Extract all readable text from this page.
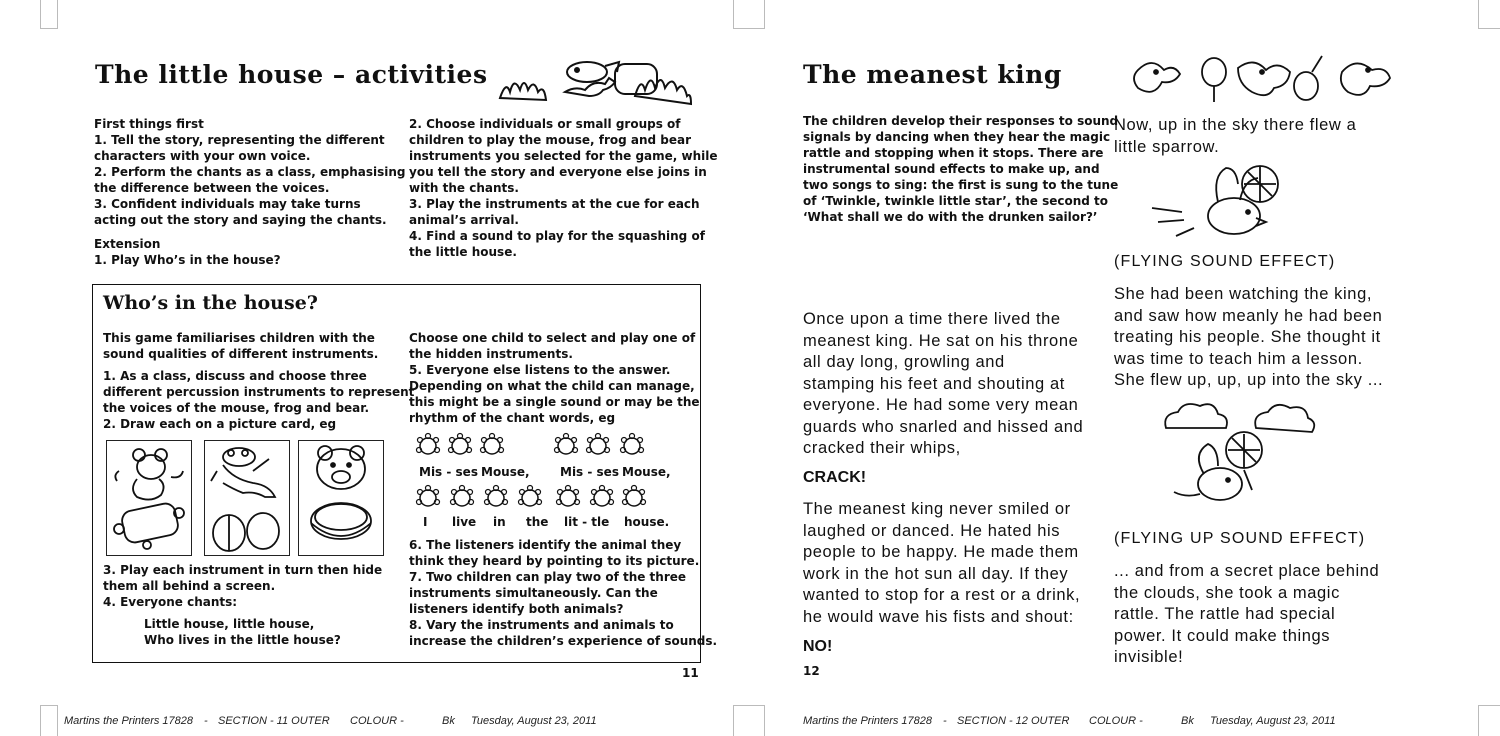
The little house – activities
First things first
1. Tell the story, representing the different
characters with your own voice.
2. Perform the chants as a class, emphasising
the difference between the voices.
3. Confident individuals may take turns
acting out the story and saying the chants.
Extension
1. Play Who’s in the house?
2. Choose individuals or small groups of
children to play the mouse, frog and bear
instruments you selected for the game, while
you tell the story and everyone else joins in
with the chants.
3. Play the instruments at the cue for each
animal’s arrival.
4. Find a sound to play for the squashing of
the little house.
Who’s in the house?
This game familiarises children with the
sound qualities of different instruments.
1. As a class, discuss and choose three
different percussion instruments to represent
the voices of the mouse, frog and bear.
2. Draw each on a picture card, eg
3. Play each instrument in turn then hide
them all behind a screen.
4. Everyone chants:
Little house, little house,
Who lives in the little house?
Choose one child to select and play one of
the hidden instruments.
5. Everyone else listens to the answer.
Depending on what the child can manage,
this might be a single sound or may be the
rhythm of the chant words, eg
Mis - ses Mouse,	Mis - ses Mouse,
I live in the lit - tle house.
6. The listeners identify the animal they
think they heard by pointing to its picture.
7. Two children can play two of the three
instruments simultaneously. Can the
listeners identify both animals?
8. Vary the instruments and animals to
increase the children’s experience of sounds.
11
Martins the Printers 17828 - SECTION - 11 OUTER COLOUR -	Bk Tuesday, August 23, 2011
The meanest king
The children develop their responses to sound
signals by dancing when they hear the magic
rattle and stopping when it stops. There are
instrumental sound effects to make up, and
two songs to sing: the first is sung to the tune
of ‘Twinkle, twinkle little star’, the second to
‘What shall we do with the drunken sailor?’
Once upon a time there lived the
meanest king. He sat on his throne
all day long, growling and
stamping his feet and shouting at
everyone. He had some very mean
guards who snarled and hissed and
cracked their whips,
CRACK!
The meanest king never smiled or
laughed or danced. He hated his
people to be happy. He made them
work in the hot sun all day. If they
wanted to stop for a rest or a drink,
he would wave his fists and shout:
NO!
12
Now, up in the sky there flew a
little sparrow.
(FLYING SOUND EFFECT)
She had been watching the king,
and saw how meanly he had been
treating his people. She thought it
was time to teach him a lesson.
She flew up, up, up into the sky ...
(FLYING UP SOUND EFFECT)
... and from a secret place behind
the clouds, she took a magic
rattle. The rattle had special
power. It could make things
invisible!
Martins the Printers 17828 - SECTION - 12 OUTER COLOUR -	Bk Tuesday, August 23, 2011
